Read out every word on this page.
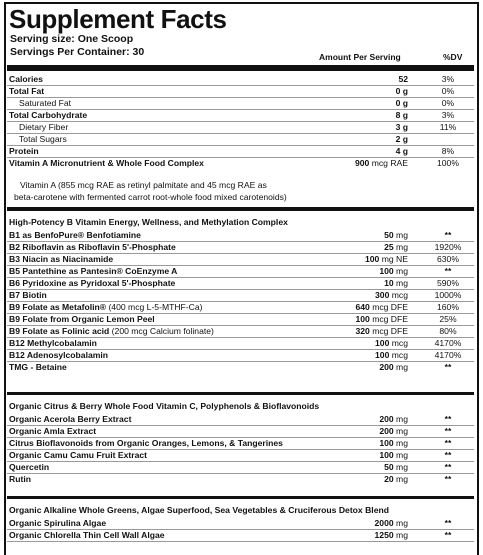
Supplement Facts
Serving size: One Scoop
Servings Per Container: 30	Amount Per Serving	%DV
Calories	52	3%
Total Fat	0 g	0%
Saturated Fat	0 g	0%
Total Carbohydrate	8 g	3%
Dietary Fiber	3 g	11%
Total Sugars	2 g
Protein	4 g	8%
Vitamin A Micronutrient & Whole Food Complex	900 mcg RAE	100%
Vitamin A (855 mcg RAE as retinyl palmitate and 45 mcg RAE as
beta-carotene with fermented carrot root-whole food mixed carotenoids)
High-Potency B Vitamin Energy, Wellness, and Methylation Complex
B1 as BenfoPure® Benfotiamine	50 mg	**
B2 Riboflavin as Riboflavin 5'-Phosphate	25 mg	1920%
B3 Niacin as Niacinamide	100 mg NE	630%
B5 Pantethine as Pantesin® CoEnzyme A	100 mg	**
B6 Pyridoxine as Pyridoxal 5'-Phosphate	10 mg	590%
B7 Biotin	300 mcg	1000%
B9 Folate as Metafolin® (400 mcg L-5-MTHF-Ca)	640 mcg DFE	160%
B9 Folate from Organic Lemon Peel	100 mcg DFE	25%
B9 Folate as Folinic acid (200 mcg Calcium folinate)	320 mcg DFE	80%
B12 Methylcobalamin	100 mcg	4170%
B12 Adenosylcobalamin	100 mcg	4170%
TMG - Betaine	200 mg	**
Organic Citrus & Berry Whole Food Vitamin C, Polyphenols & Bioflavonoids
Organic Acerola Berry Extract	200 mg	**
Organic Amla Extract	200 mg	**
Citrus Bioflavonoids from Organic Oranges, Lemons, & Tangerines	100 mg	**
Organic Camu Camu Fruit Extract	100 mg	**
Quercetin	50 mg	**
Rutin	20 mg	**
Organic Alkaline Whole Greens, Algae Superfood, Sea Vegetables & Cruciferous Detox Blend
Organic Spirulina Algae	2000 mg	**
Organic Chlorella Thin Cell Wall Algae	1250 mg	**
